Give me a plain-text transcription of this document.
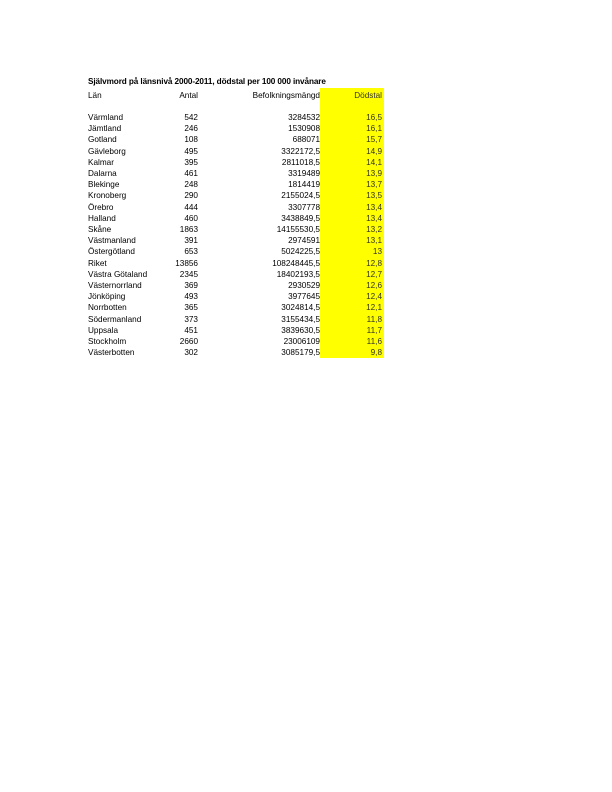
Självmord på länsnivå 2000-2011, dödstal per 100 000 invånare
Län	Antal	Befolkningsmängd	Dödstal

Värmland	542	3284532	16,5
Jämtland	246	1530908	16,1
Gotland	108	688071	15,7
Gävleborg	495	3322172,5	14,9
Kalmar	395	2811018,5	14,1
Dalarna	461	3319489	13,9
Blekinge	248	1814419	13,7
Kronoberg	290	2155024,5	13,5
Örebro	444	3307778	13,4
Halland	460	3438849,5	13,4
Skåne	1863	14155530,5	13,2
Västmanland	391	2974591	13,1
Östergötland	653	5024225,5	13
Riket	13856	108248445,5	12,8
Västra Götaland	2345	18402193,5	12,7
Västernorrland	369	2930529	12,6
Jönköping	493	3977645	12,4
Norrbotten	365	3024814,5	12,1
Södermanland	373	3155434,5	11,8
Uppsala	451	3839630,5	11,7
Stockholm	2660	23006109	11,6
Västerbotten	302	3085179,5	9,8
